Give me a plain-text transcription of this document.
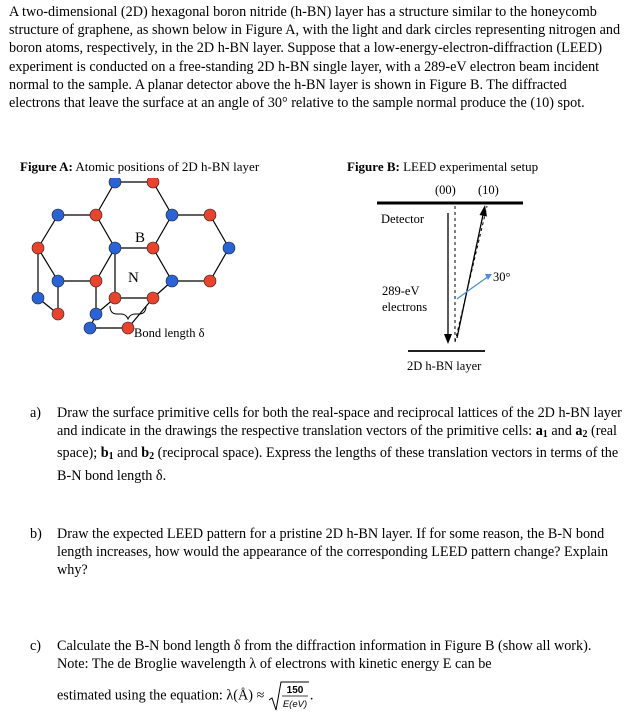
A two-dimensional (2D) hexagonal boron nitride (h-BN) layer has a structure similar to the honeycomb structure of graphene, as shown below in Figure A, with the light and dark circles representing nitrogen and boron atoms, respectively, in the 2D h-BN layer. Suppose that a low-energy-electron-diffraction (LEED) experiment is conducted on a free-standing 2D h-BN single layer, with a 289-eV electron beam incident normal to the sample. A planar detector above the h-BN layer is shown in Figure B. The diffracted electrons that leave the surface at an angle of 30° relative to the sample normal produce the (10) spot.
Figure A: Atomic positions of 2D h-BN layer	Figure B: LEED experimental setup
B
N
Bond length δ
(00) (10)
Detector
30°
289-eV
electrons
2D h-BN layer
a) Draw the surface primitive cells for both the real-space and reciprocal lattices of the 2D h-BN layer and indicate in the drawings the respective translation vectors of the primitive cells: $a_1$ and $a_2$ (real space); $b_1$ and $b_2$ (reciprocal space). Express the lengths of these translation vectors in terms of the B-N bond length δ.
b) Draw the expected LEED pattern for a pristine 2D h-BN layer. If for some reason, the B-N bond length increases, how would the appearance of the corresponding LEED pattern change? Explain why?
c) Calculate the B-N bond length δ from the diffraction information in Figure B (show all work). Note: The de Broglie wavelength λ of electrons with kinetic energy E can be
estimated using the equation: λ(Å) ≈ 150
E(eV)
.
